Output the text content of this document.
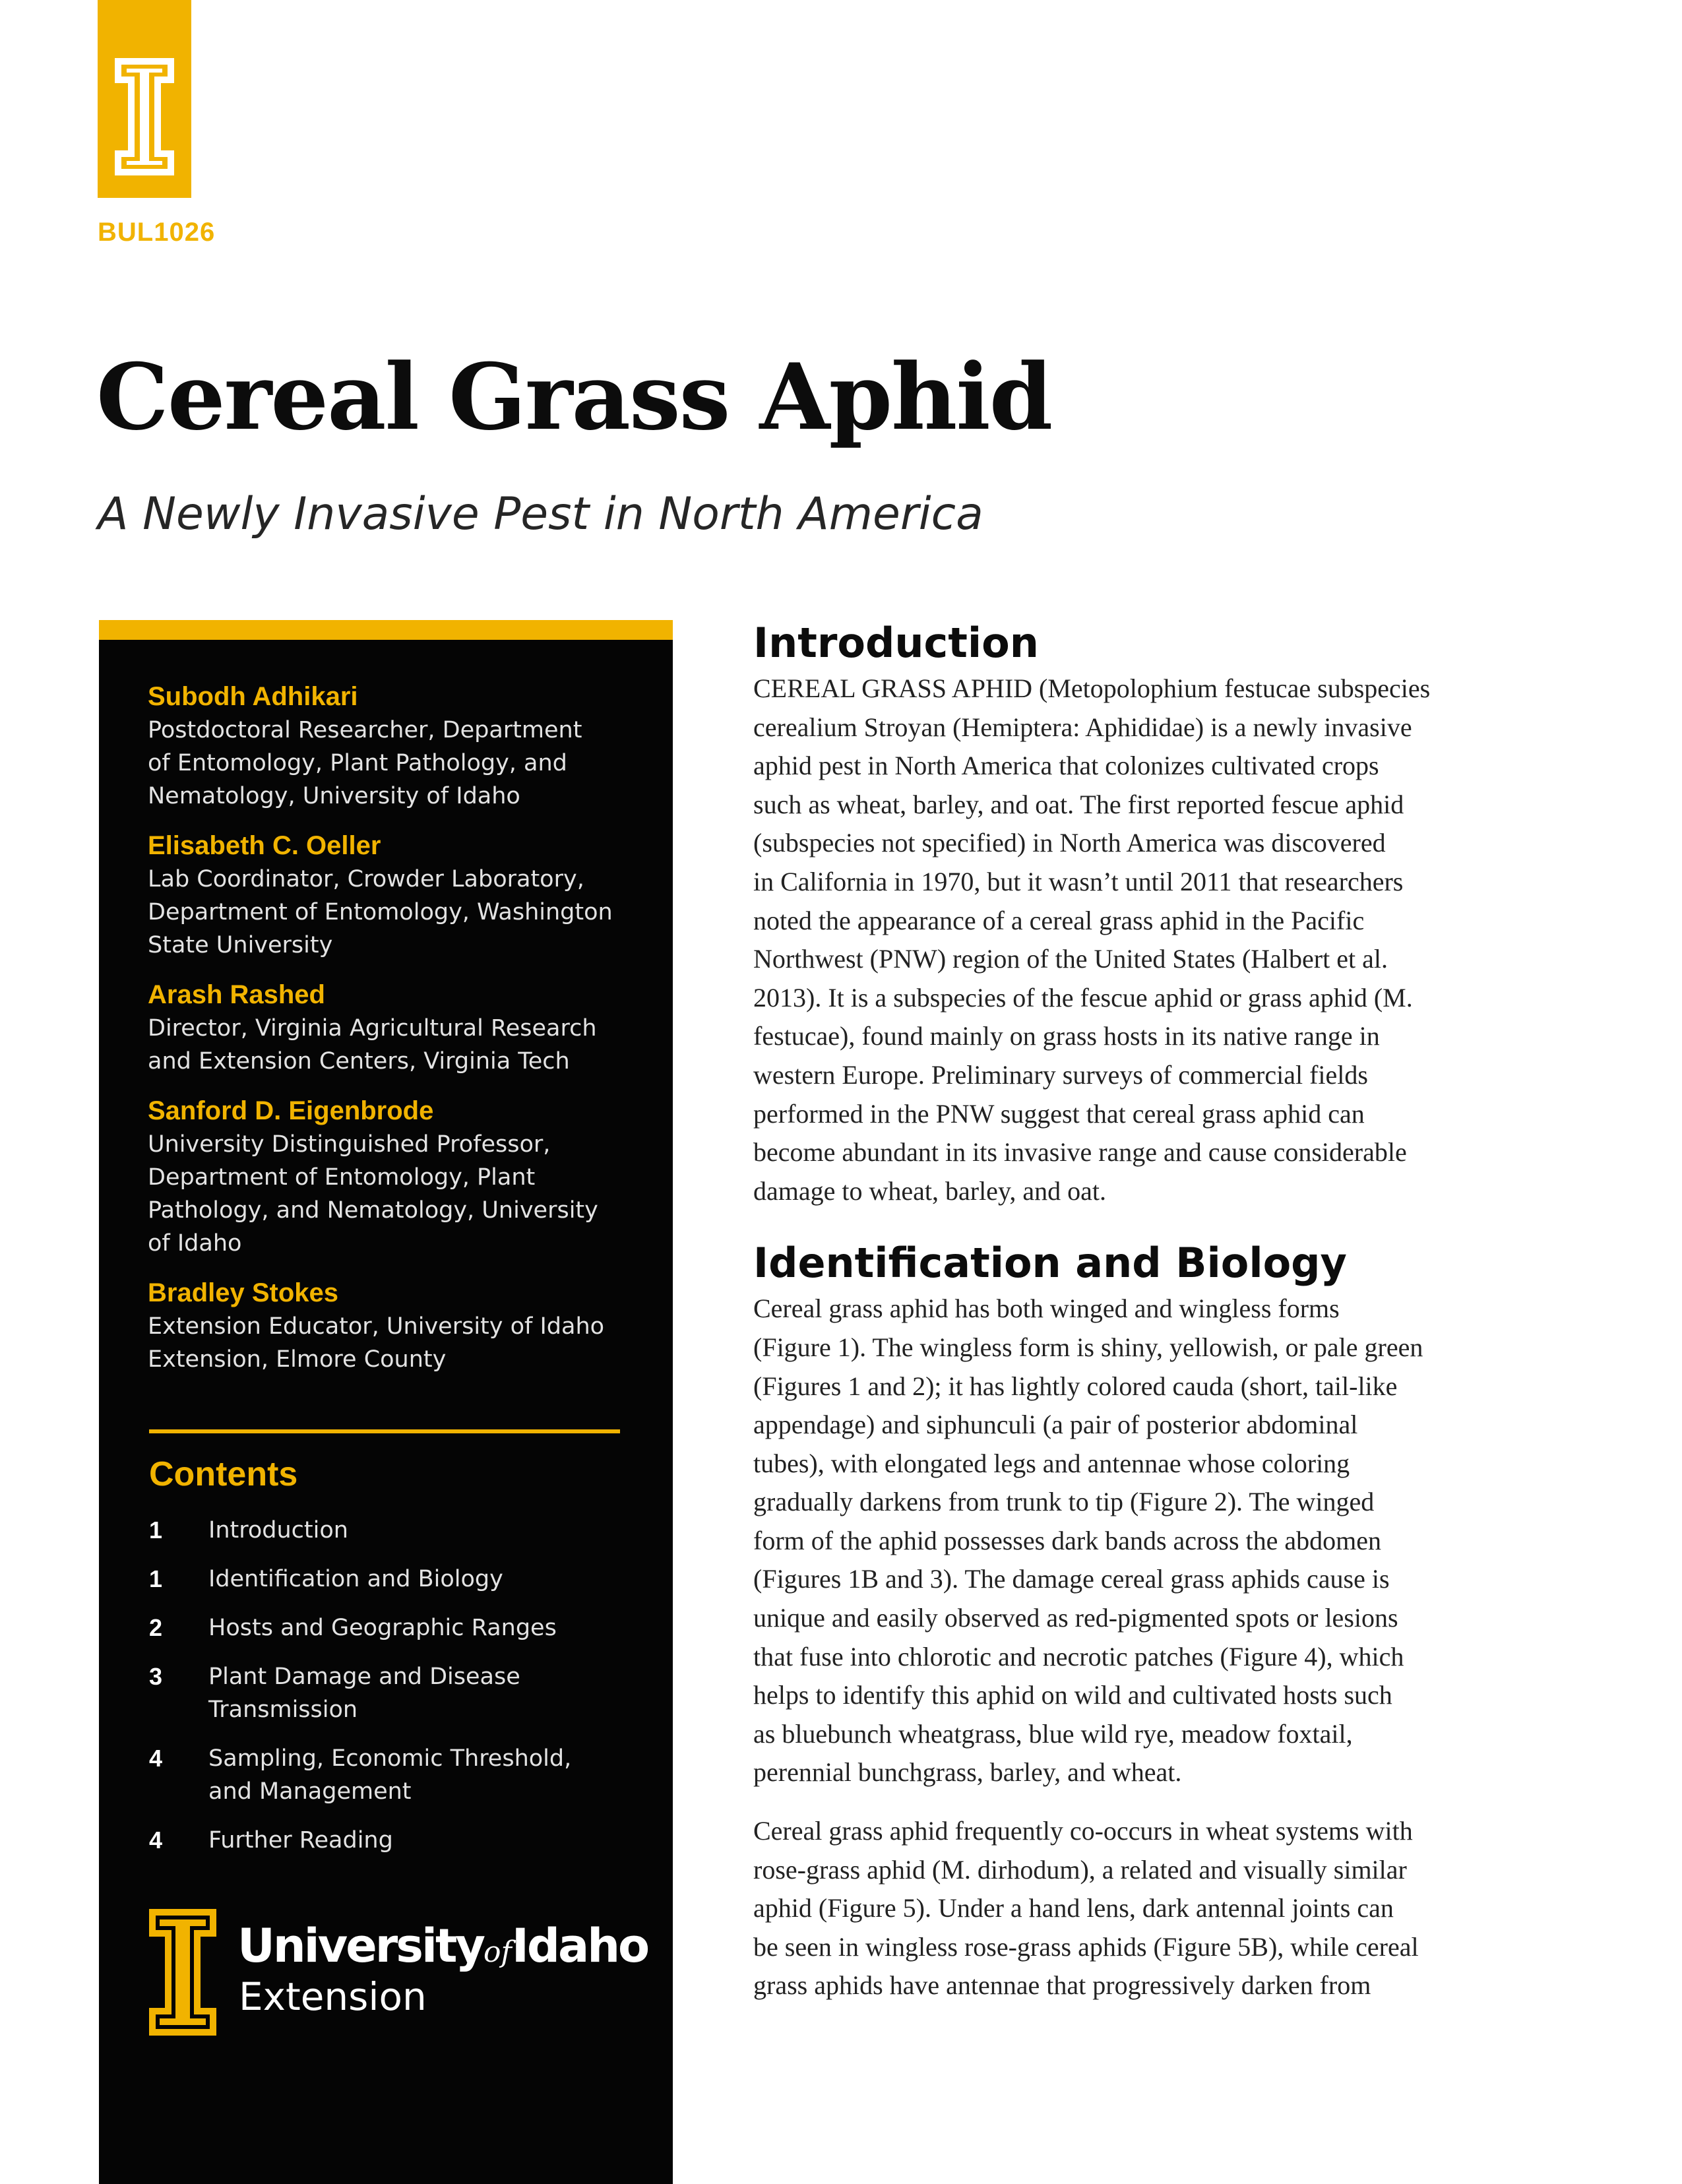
BUL1026
Cereal Grass Aphid

A Newly Invasive Pest in North America

Subodh Adhikari
Postdoctoral Researcher, Department
of Entomology, Plant Pathology, and
Nematology, University of Idaho
Elisabeth C. Oeller
Lab Coordinator, Crowder Laboratory,
Department of Entomology, Washington
State University
Arash Rashed
Director, Virginia Agricultural Research
and Extension Centers, Virginia Tech
Sanford D. Eigenbrode
University Distinguished Professor,
Department of Entomology, Plant
Pathology, and Nematology, University
of Idaho
Bradley Stokes
Extension Educator, University of Idaho
Extension, Elmore County
Contents
1 Introduction
1 Identification and Biology
2 Hosts and Geographic Ranges
3 Plant Damage and Disease
Transmission
4 Sampling, Economic Threshold,
and Management
4 Further Reading
UniversityofIdaho
Extension
Introduction
CEREAL GRASS APHID (Metopolophium festucae subspecies
cerealium Stroyan (Hemiptera: Aphididae) is a newly invasive
aphid pest in North America that colonizes cultivated crops
such as wheat, barley, and oat. The first reported fescue aphid
(subspecies not specified) in North America was discovered
in California in 1970, but it wasn’t until 2011 that researchers
noted the appearance of a cereal grass aphid in the Pacific
Northwest (PNW) region of the United States (Halbert et al.
2013). It is a subspecies of the fescue aphid or grass aphid (M.
festucae), found mainly on grass hosts in its native range in
western Europe. Preliminary surveys of commercial fields
performed in the PNW suggest that cereal grass aphid can
become abundant in its invasive range and cause considerable
damage to wheat, barley, and oat.
Identification and Biology
Cereal grass aphid has both winged and wingless forms
(Figure 1). The wingless form is shiny, yellowish, or pale green
(Figures 1 and 2); it has lightly colored cauda (short, tail-like
appendage) and siphunculi (a pair of posterior abdominal
tubes), with elongated legs and antennae whose coloring
gradually darkens from trunk to tip (Figure 2). The winged
form of the aphid possesses dark bands across the abdomen
(Figures 1B and 3). The damage cereal grass aphids cause is
unique and easily observed as red-pigmented spots or lesions
that fuse into chlorotic and necrotic patches (Figure 4), which
helps to identify this aphid on wild and cultivated hosts such
as bluebunch wheatgrass, blue wild rye, meadow foxtail,
perennial bunchgrass, barley, and wheat.
Cereal grass aphid frequently co-occurs in wheat systems with
rose-grass aphid (M. dirhodum), a related and visually similar
aphid (Figure 5). Under a hand lens, dark antennal joints can
be seen in wingless rose-grass aphids (Figure 5B), while cereal
grass aphids have antennae that progressively darken from
